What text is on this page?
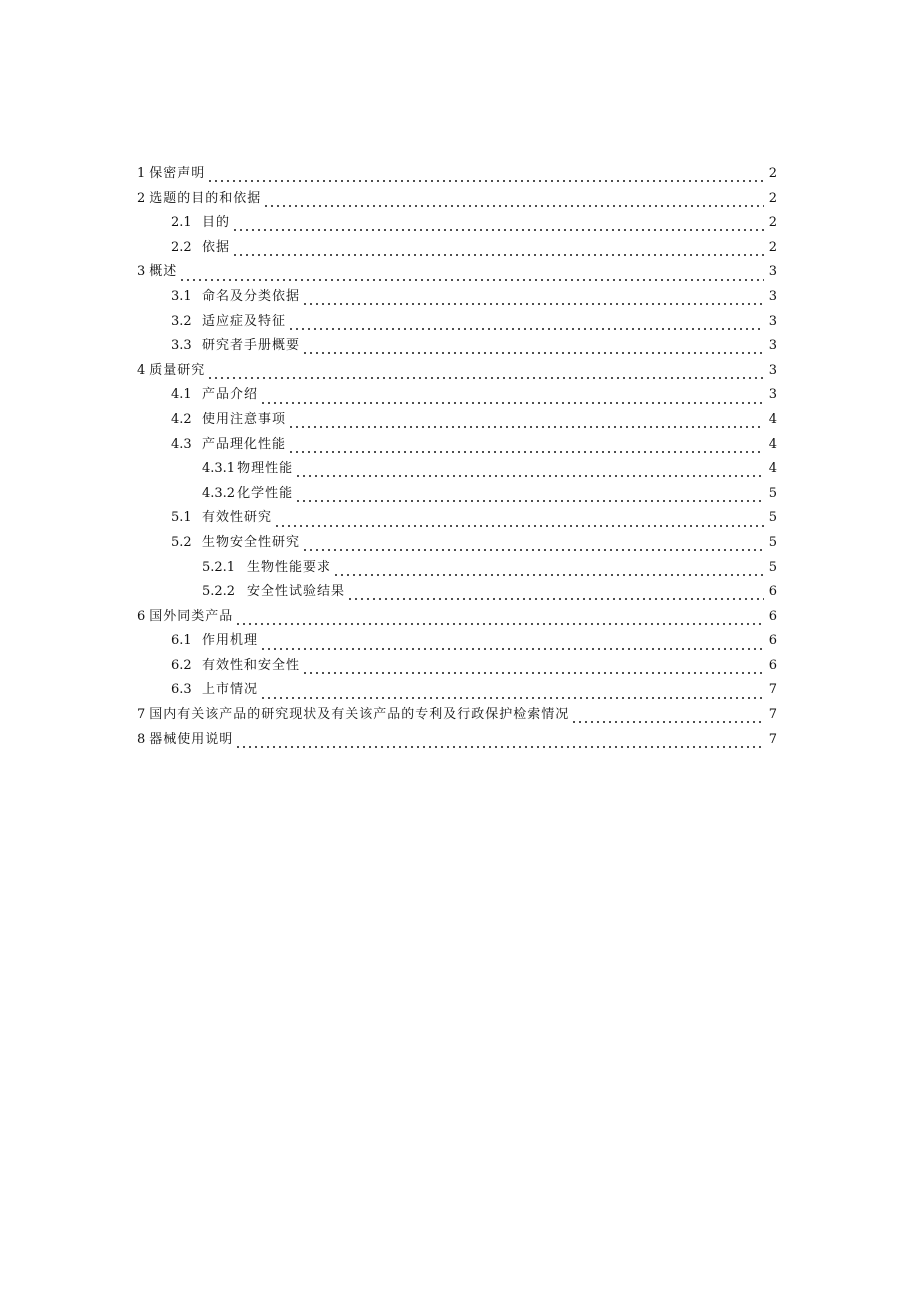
1 保密声明	2
2 选题的目的和依据	2
2.1 目的	2
2.2 依据	2
3 概述	3
3.1 命名及分类依据	3
3.2 适应症及特征	3
3.3 研究者手册概要	3
4 质量研究	3
4.1 产品介绍	3
4.2 使用注意事项	4
4.3 产品理化性能	4
4.3.1 物理性能	4
4.3.2 化学性能	5
5.1 有效性研究	5
5.2 生物安全性研究	5
5.2.1 生物性能要求	5
5.2.2 安全性试验结果	6
6 国外同类产品	6
6.1 作用机理	6
6.2 有效性和安全性	6
6.3 上市情况	7
7 国内有关该产品的研究现状及有关该产品的专利及行政保护检索情况	7
8 器械使用说明	7
